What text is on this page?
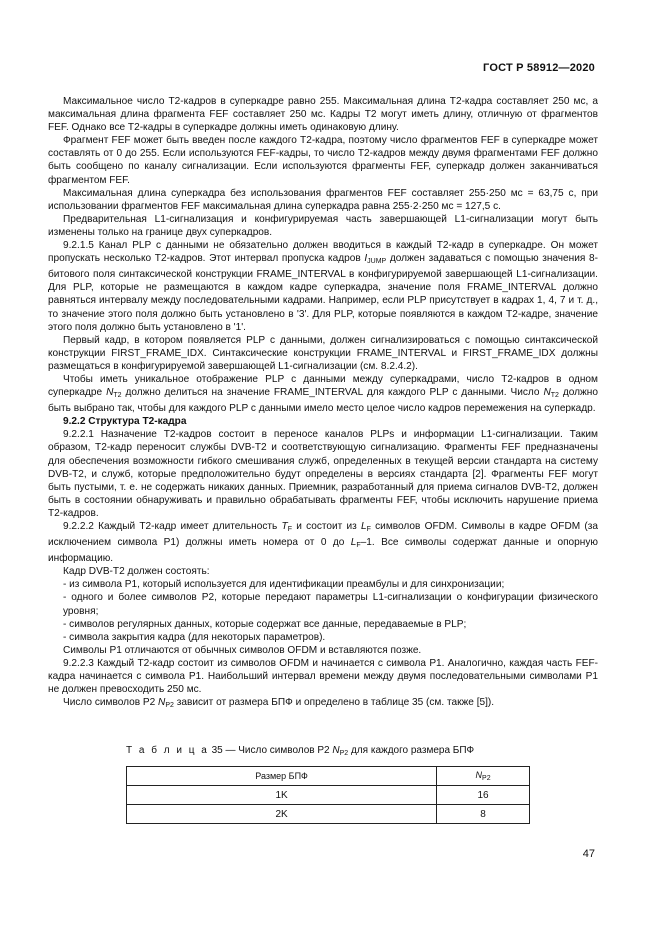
ГОСТ Р 58912—2020

Максимальное число Т2-кадров в суперкадре равно 255. Максимальная длина Т2-кадра составляет 250 мс, а максимальная длина фрагмента FEF составляет 250 мс. Кадры Т2 могут иметь длину, отличную от фрагментов FEF. Однако все Т2-кадры в суперкадре должны иметь одинаковую длину.

Фрагмент FEF может быть введен после каждого Т2-кадра, поэтому число фрагментов FEF в суперкадре может составлять от 0 до 255. Если используются FEF-кадры, то число Т2-кадров между двумя фрагментами FEF должно быть сообщено по каналу сигнализации. Если используются фрагменты FEF, суперкадр должен заканчиваться фрагментом FEF.

Максимальная длина суперкадра без использования фрагментов FEF составляет 255·250 мс = 63,75 с, при использовании фрагментов FEF максимальная длина суперкадра равна 255·2·250 мс = 127,5 с.

Предварительная L1-сигнализация и конфигурируемая часть завершающей L1-сигнализации могут быть изменены только на границе двух суперкадров.

9.2.1.5 Канал PLP с данными не обязательно должен вводиться в каждый Т2-кадр в суперкадре. Он может пропускать несколько Т2-кадров. Этот интервал пропуска кадров $I_{JUMP}$ должен задаваться с помощью значения 8-битового поля синтаксической конструкции FRAME_INTERVAL в конфигурируемой завершающей L1-сигнализации. Для PLP, которые не размещаются в каждом кадре суперкадра, значение поля FRAME_INTERVAL должно равняться интервалу между последовательными кадрами. Например, если PLP присутствует в кадрах 1, 4, 7 и т. д., то значение этого поля должно быть установлено в '3'. Для PLP, которые появляются в каждом Т2-кадре, значение этого поля должно быть установлено в '1'.

Первый кадр, в котором появляется PLP с данными, должен сигнализироваться с помощью синтаксической конструкции FIRST_FRAME_IDX. Синтаксические конструкции FRAME_INTERVAL и FIRST_FRAME_IDX должны размещаться в конфигурируемой завершающей L1-сигнализации (см. 8.2.4.2).

Чтобы иметь уникальное отображение PLP с данными между суперкадрами, число Т2-кадров в одном суперкадре $N_{T2}$ должно делиться на значение FRAME_INTERVAL для каждого PLP с данными. Число $N_{T2}$ должно быть выбрано так, чтобы для каждого PLP с данными имело место целое число кадров перемежения на суперкадр.

9.2.2 Структура Т2-кадра

9.2.2.1 Назначение Т2-кадров состоит в переносе каналов PLPs и информации L1-сигнализации. Таким образом, Т2-кадр переносит службы DVB-T2 и соответствующую сигнализацию. Фрагменты FEF предназначены для обеспечения возможности гибкого смешивания служб, определенных в текущей версии стандарта на систему DVB-T2, и служб, которые предположительно будут определены в версиях стандарта [2]. Фрагменты FEF могут быть пустыми, т. е. не содержать никаких данных. Приемник, разработанный для приема сигналов DVB-T2, должен быть в состоянии обнаруживать и правильно обрабатывать фрагменты FEF, чтобы исключить нарушение приема Т2-кадров.

9.2.2.2 Каждый Т2-кадр имеет длительность $T_F$ и состоит из $L_F$ символов OFDM. Символы в кадре OFDM (за исключением символа P1) должны иметь номера от 0 до $L_F-1$. Все символы содержат данные и опорную информацию.

Кадр DVB-T2 должен состоять:

- из символа P1, который используется для идентификации преамбулы и для синхронизации;

- одного и более символов P2, которые передают параметры L1-сигнализации о конфигурации физического уровня;

- символов регулярных данных, которые содержат все данные, передаваемые в PLP;

- символа закрытия кадра (для некоторых параметров).

Символы P1 отличаются от обычных символов OFDM и вставляются позже.

9.2.2.3 Каждый Т2-кадр состоит из символов OFDM и начинается с символа P1. Аналогично, каждая часть FEF-кадра начинается с символа P1. Наибольший интервал времени между двумя последовательными символами P1 не должен превосходить 250 мс.

Число символов P2 $N_{P2}$ зависит от размера БПФ и определено в таблице 35 (см. также [5]).

Т а б л и ц а 35 — Число символов P2 $N_{P2}$ для каждого размера БПФ
Размер БПФ	$N_{P2}$
1K	16
2K	8
47
